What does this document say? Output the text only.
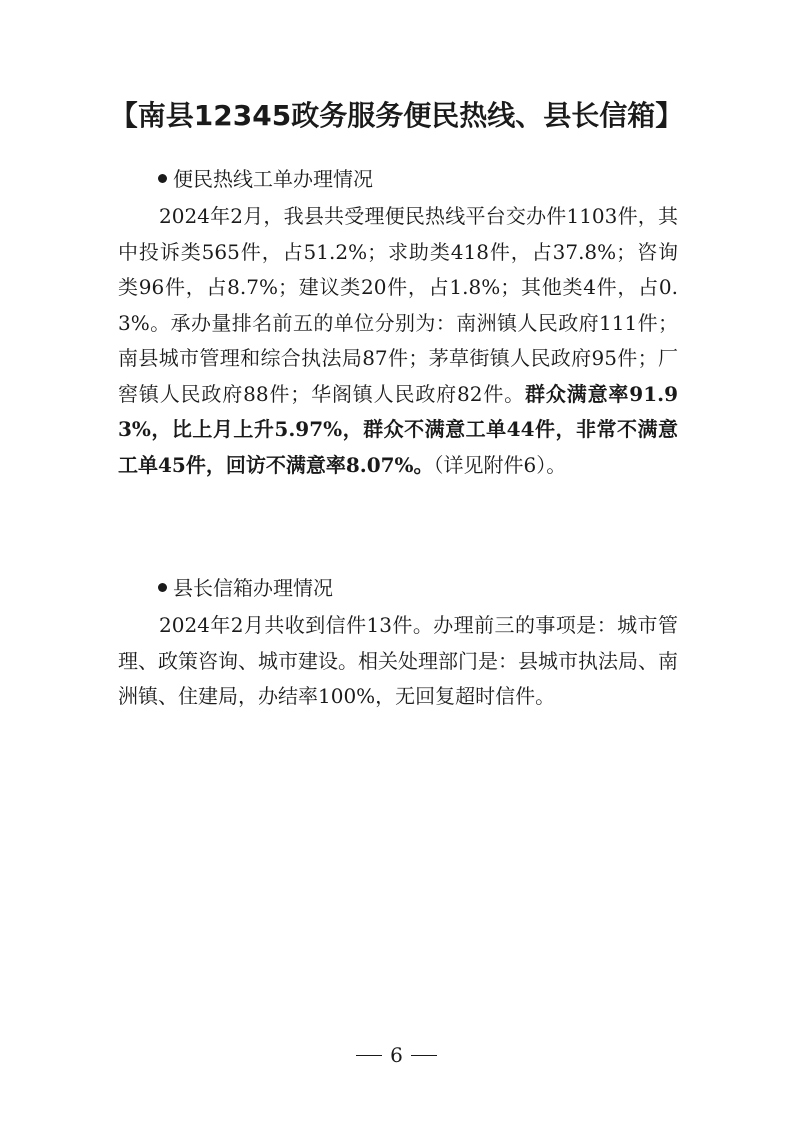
【南县12345政务服务便民热线、县长信箱】
便民热线工单办理情况
2024年2月，我县共受理便民热线平台交办件1103件，其中投诉类565件，占51.2%；求助类418件，占37.8%；咨询类96件，占8.7%；建议类20件，占1.8%；其他类4件，占0.3%。承办量排名前五的单位分别为：南洲镇人民政府111件；南县城市管理和综合执法局87件；茅草街镇人民政府95件；厂窖镇人民政府88件；华阁镇人民政府82件。群众满意率91.93%，比上月上升5.97%，群众不满意工单44件，非常不满意工单45件，回访不满意率8.07%。（详见附件6）。
县长信箱办理情况
2024年2月共收到信件13件。办理前三的事项是：城市管理、政策咨询、城市建设。相关处理部门是：县城市执法局、南洲镇、住建局，办结率100%，无回复超时信件。
6
